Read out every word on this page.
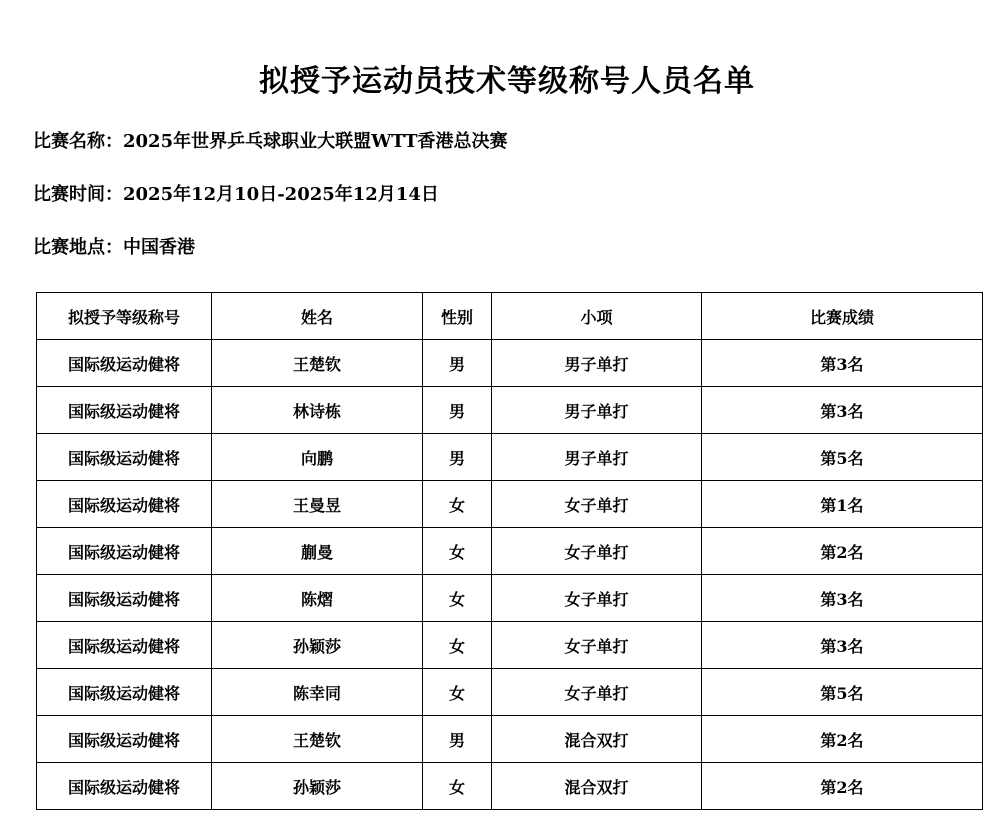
拟授予运动员技术等级称号人员名单
比赛名称：2025年世界乒乓球职业大联盟WTT香港总决赛
比赛时间：2025年12月10日-2025年12月14日
比赛地点：中国香港
拟授予等级称号	姓名	性别	小项	比赛成绩
国际级运动健将	王楚钦	男	男子单打	第3名
国际级运动健将	林诗栋	男	男子单打	第3名
国际级运动健将	向鹏	男	男子单打	第5名
国际级运动健将	王曼昱	女	女子单打	第1名
国际级运动健将	蒯曼	女	女子单打	第2名
国际级运动健将	陈熠	女	女子单打	第3名
国际级运动健将	孙颖莎	女	女子单打	第3名
国际级运动健将	陈幸同	女	女子单打	第5名
国际级运动健将	王楚钦	男	混合双打	第2名
国际级运动健将	孙颖莎	女	混合双打	第2名
